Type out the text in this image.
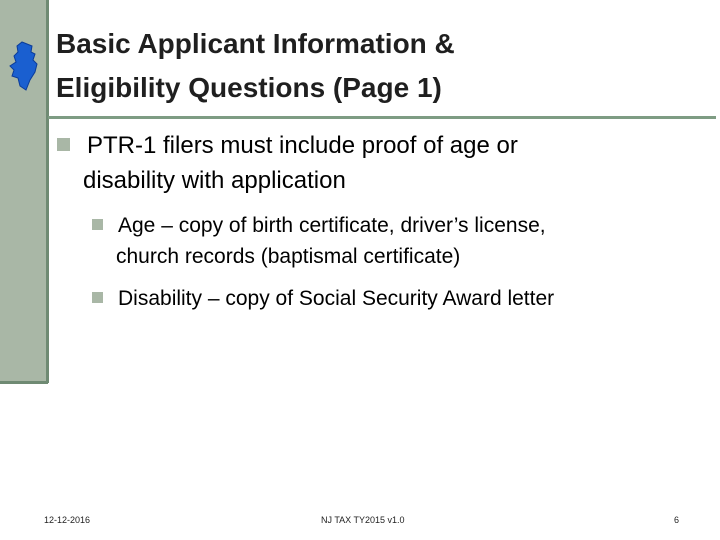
Basic Applicant Information &
Eligibility Questions (Page 1)
PTR-1 filers must include proof of age or
disability with application
Age – copy of birth certificate, driver’s license,
church records (baptismal certificate)
Disability – copy of Social Security Award letter
12-12-2016	NJ TAX TY2015 v1.0	6
